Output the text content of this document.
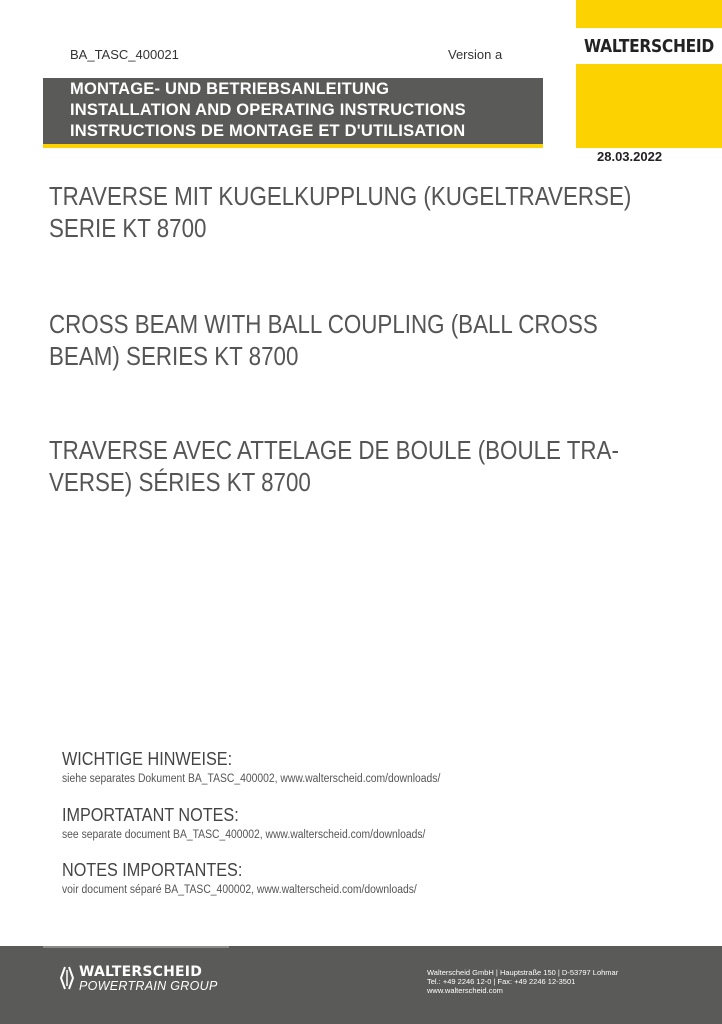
BA_TASC_400021	Version a	WALTERSCHEID
MONTAGE- UND BETRIEBSANLEITUNG
INSTALLATION AND OPERATING INSTRUCTIONS
INSTRUCTIONS DE MONTAGE ET D'UTILISATION
28.03.2022
TRAVERSE MIT KUGELKUPPLUNG (KUGELTRAVERSE)
SERIE KT 8700
CROSS BEAM WITH BALL COUPLING (BALL CROSS
BEAM) SERIES KT 8700
TRAVERSE AVEC ATTELAGE DE BOULE (BOULE TRA-
VERSE) SÉRIES KT 8700
WICHTIGE HINWEISE:
siehe separates Dokument BA_TASC_400002, www.walterscheid.com/downloads/
IMPORTATANT NOTES:
see separate document BA_TASC_400002, www.walterscheid.com/downloads/
NOTES IMPORTANTES:
voir document séparé BA_TASC_400002, www.walterscheid.com/downloads/
WALTERSCHEID
POWERTRAIN GROUP
Walterscheid GmbH | Hauptstraße 150 | D-53797 Lohmar
Tel.: +49 2246 12-0 | Fax: +49 2246 12-3501
www.walterscheid.com
